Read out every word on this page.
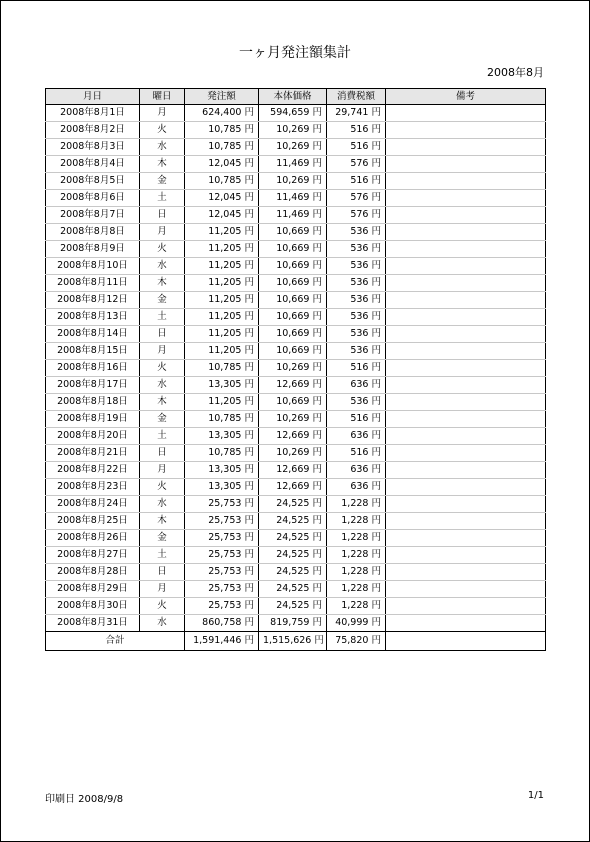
一ヶ月発注額集計
2008年8月
月日	曜日	発注額	本体価格	消費税額	備考
2008年8月1日	月	624,400 円	594,659 円	29,741 円	
2008年8月2日	火	10,785 円	10,269 円	516 円	
2008年8月3日	水	10,785 円	10,269 円	516 円	
2008年8月4日	木	12,045 円	11,469 円	576 円	
2008年8月5日	金	10,785 円	10,269 円	516 円	
2008年8月6日	土	12,045 円	11,469 円	576 円	
2008年8月7日	日	12,045 円	11,469 円	576 円	
2008年8月8日	月	11,205 円	10,669 円	536 円	
2008年8月9日	火	11,205 円	10,669 円	536 円	
2008年8月10日	水	11,205 円	10,669 円	536 円	
2008年8月11日	木	11,205 円	10,669 円	536 円	
2008年8月12日	金	11,205 円	10,669 円	536 円	
2008年8月13日	土	11,205 円	10,669 円	536 円	
2008年8月14日	日	11,205 円	10,669 円	536 円	
2008年8月15日	月	11,205 円	10,669 円	536 円	
2008年8月16日	火	10,785 円	10,269 円	516 円	
2008年8月17日	水	13,305 円	12,669 円	636 円	
2008年8月18日	木	11,205 円	10,669 円	536 円	
2008年8月19日	金	10,785 円	10,269 円	516 円	
2008年8月20日	土	13,305 円	12,669 円	636 円	
2008年8月21日	日	10,785 円	10,269 円	516 円	
2008年8月22日	月	13,305 円	12,669 円	636 円	
2008年8月23日	火	13,305 円	12,669 円	636 円	
2008年8月24日	水	25,753 円	24,525 円	1,228 円	
2008年8月25日	木	25,753 円	24,525 円	1,228 円	
2008年8月26日	金	25,753 円	24,525 円	1,228 円	
2008年8月27日	土	25,753 円	24,525 円	1,228 円	
2008年8月28日	日	25,753 円	24,525 円	1,228 円	
2008年8月29日	月	25,753 円	24,525 円	1,228 円	
2008年8月30日	火	25,753 円	24,525 円	1,228 円	
2008年8月31日	水	860,758 円	819,759 円	40,999 円	
合計		1,591,446 円	1,515,626 円	75,820 円	
印刷日 2008/9/8	1/1
